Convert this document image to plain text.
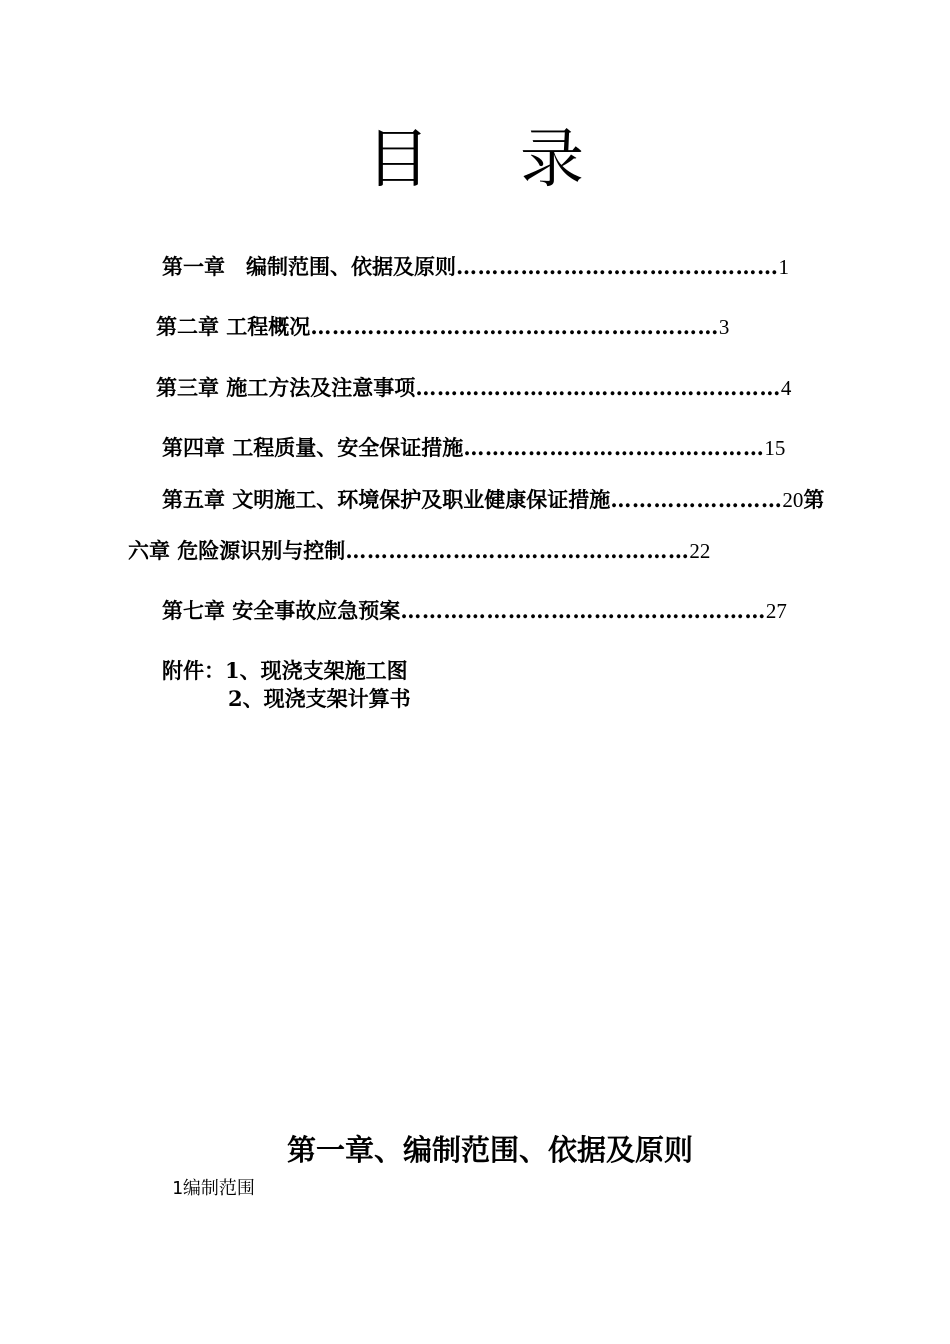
目 录
第一章　编制范围、依据及原则………………………………………1
第二章 工程概况…………………………………………………3
第三章 施工方法及注意事项……………………………………………4
第四章 工程质量、安全保证措施……………………………………15
第五章 文明施工、环境保护及职业健康保证措施……………………20第
六章 危险源识别与控制…………………………………………22
第七章 安全事故应急预案……………………………………………27
附件：1、现浇支架施工图
2、现浇支架计算书
第一章、编制范围、依据及原则
1编制范围
